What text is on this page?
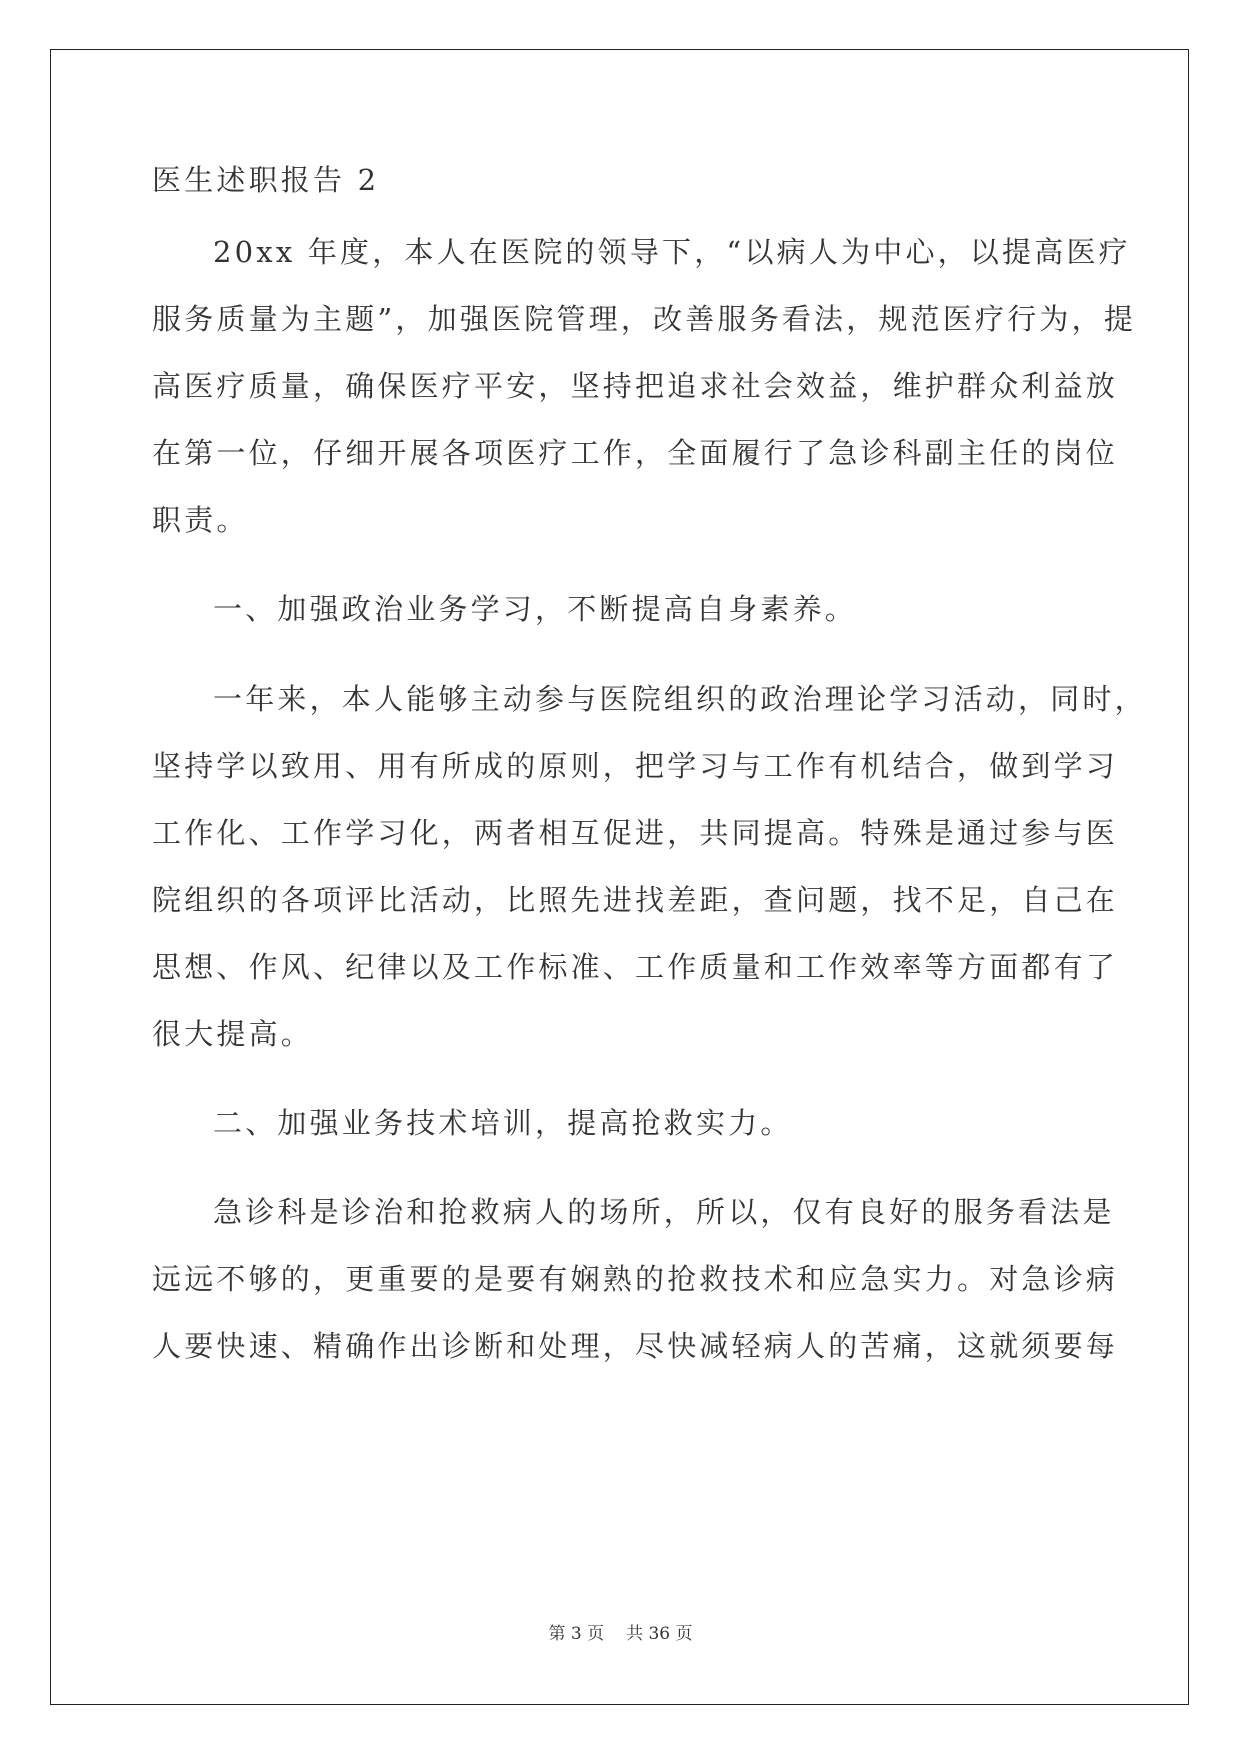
医生述职报告 2
20xx 年度，本人在医院的领导下，“以病人为中心，以提高医疗
服务质量为主题”，加强医院管理，改善服务看法，规范医疗行为，提
高医疗质量，确保医疗平安，坚持把追求社会效益，维护群众利益放
在第一位，仔细开展各项医疗工作，全面履行了急诊科副主任的岗位
职责。
一、加强政治业务学习，不断提高自身素养。
一年来，本人能够主动参与医院组织的政治理论学习活动，同时，
坚持学以致用、用有所成的原则，把学习与工作有机结合，做到学习
工作化、工作学习化，两者相互促进，共同提高。特殊是通过参与医
院组织的各项评比活动，比照先进找差距，查问题，找不足，自己在
思想、作风、纪律以及工作标准、工作质量和工作效率等方面都有了
很大提高。
二、加强业务技术培训，提高抢救实力。
急诊科是诊治和抢救病人的场所，所以，仅有良好的服务看法是
远远不够的，更重要的是要有娴熟的抢救技术和应急实力。对急诊病
人要快速、精确作出诊断和处理，尽快减轻病人的苦痛，这就须要每
第 3 页 共 36 页
